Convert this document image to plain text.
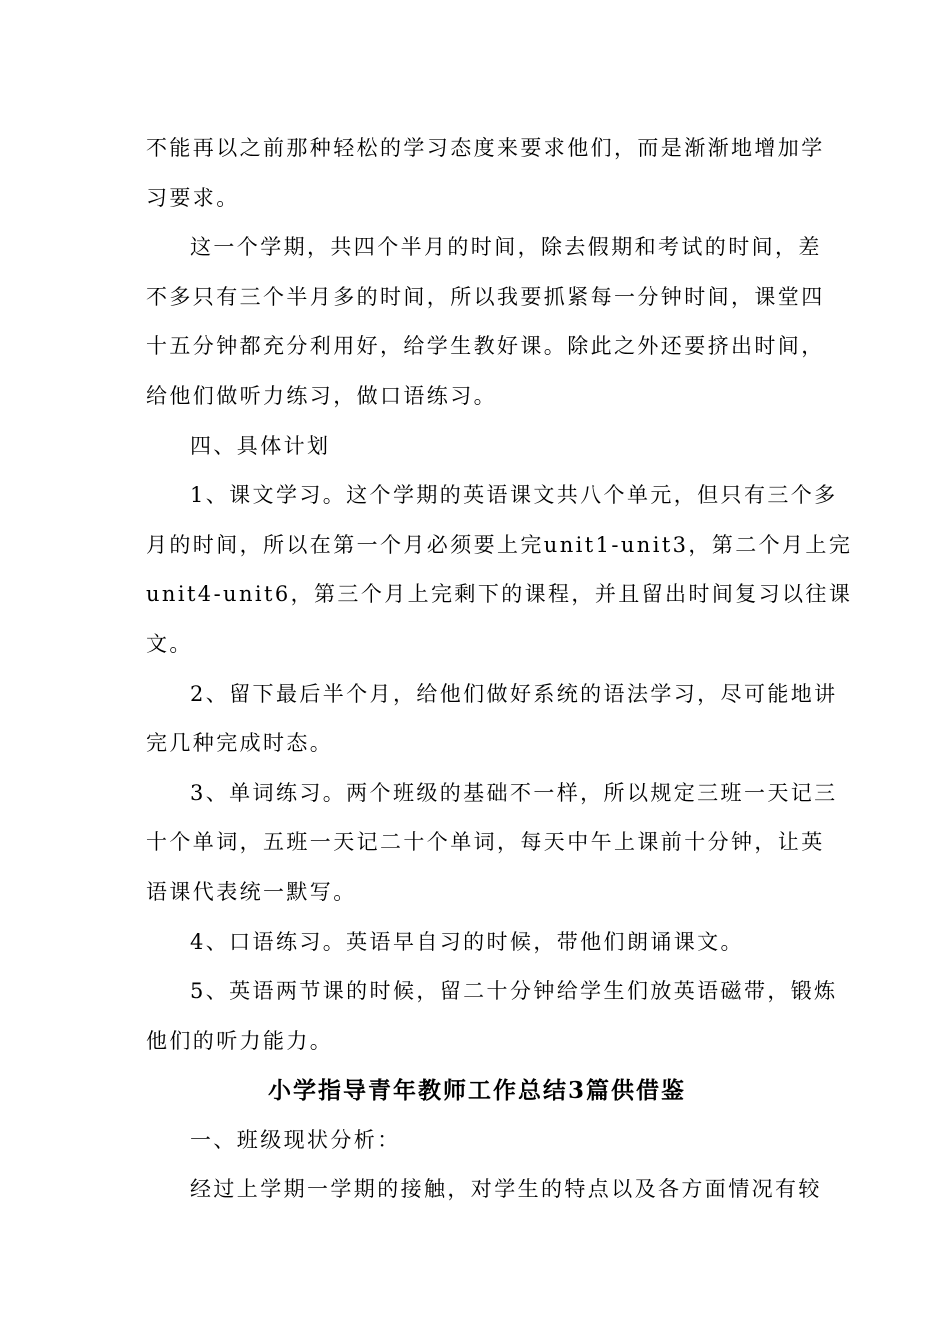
不能再以之前那种轻松的学习态度来要求他们，而是渐渐地增加学
习要求。
这一个学期，共四个半月的时间，除去假期和考试的时间，差
不多只有三个半月多的时间，所以我要抓紧每一分钟时间，课堂四
十五分钟都充分利用好，给学生教好课。除此之外还要挤出时间，
给他们做听力练习，做口语练习。
四、具体计划
1、课文学习。这个学期的英语课文共八个单元，但只有三个多
月的时间，所以在第一个月必须要上完unit1-unit3，第二个月上完
unit4-unit6，第三个月上完剩下的课程，并且留出时间复习以往课
文。
2、留下最后半个月，给他们做好系统的语法学习，尽可能地讲
完几种完成时态。
3、单词练习。两个班级的基础不一样，所以规定三班一天记三
十个单词，五班一天记二十个单词，每天中午上课前十分钟，让英
语课代表统一默写。
4、口语练习。英语早自习的时候，带他们朗诵课文。
5、英语两节课的时候，留二十分钟给学生们放英语磁带，锻炼
他们的听力能力。
小学指导青年教师工作总结3篇供借鉴
一、班级现状分析：
经过上学期一学期的接触，对学生的特点以及各方面情况有较
